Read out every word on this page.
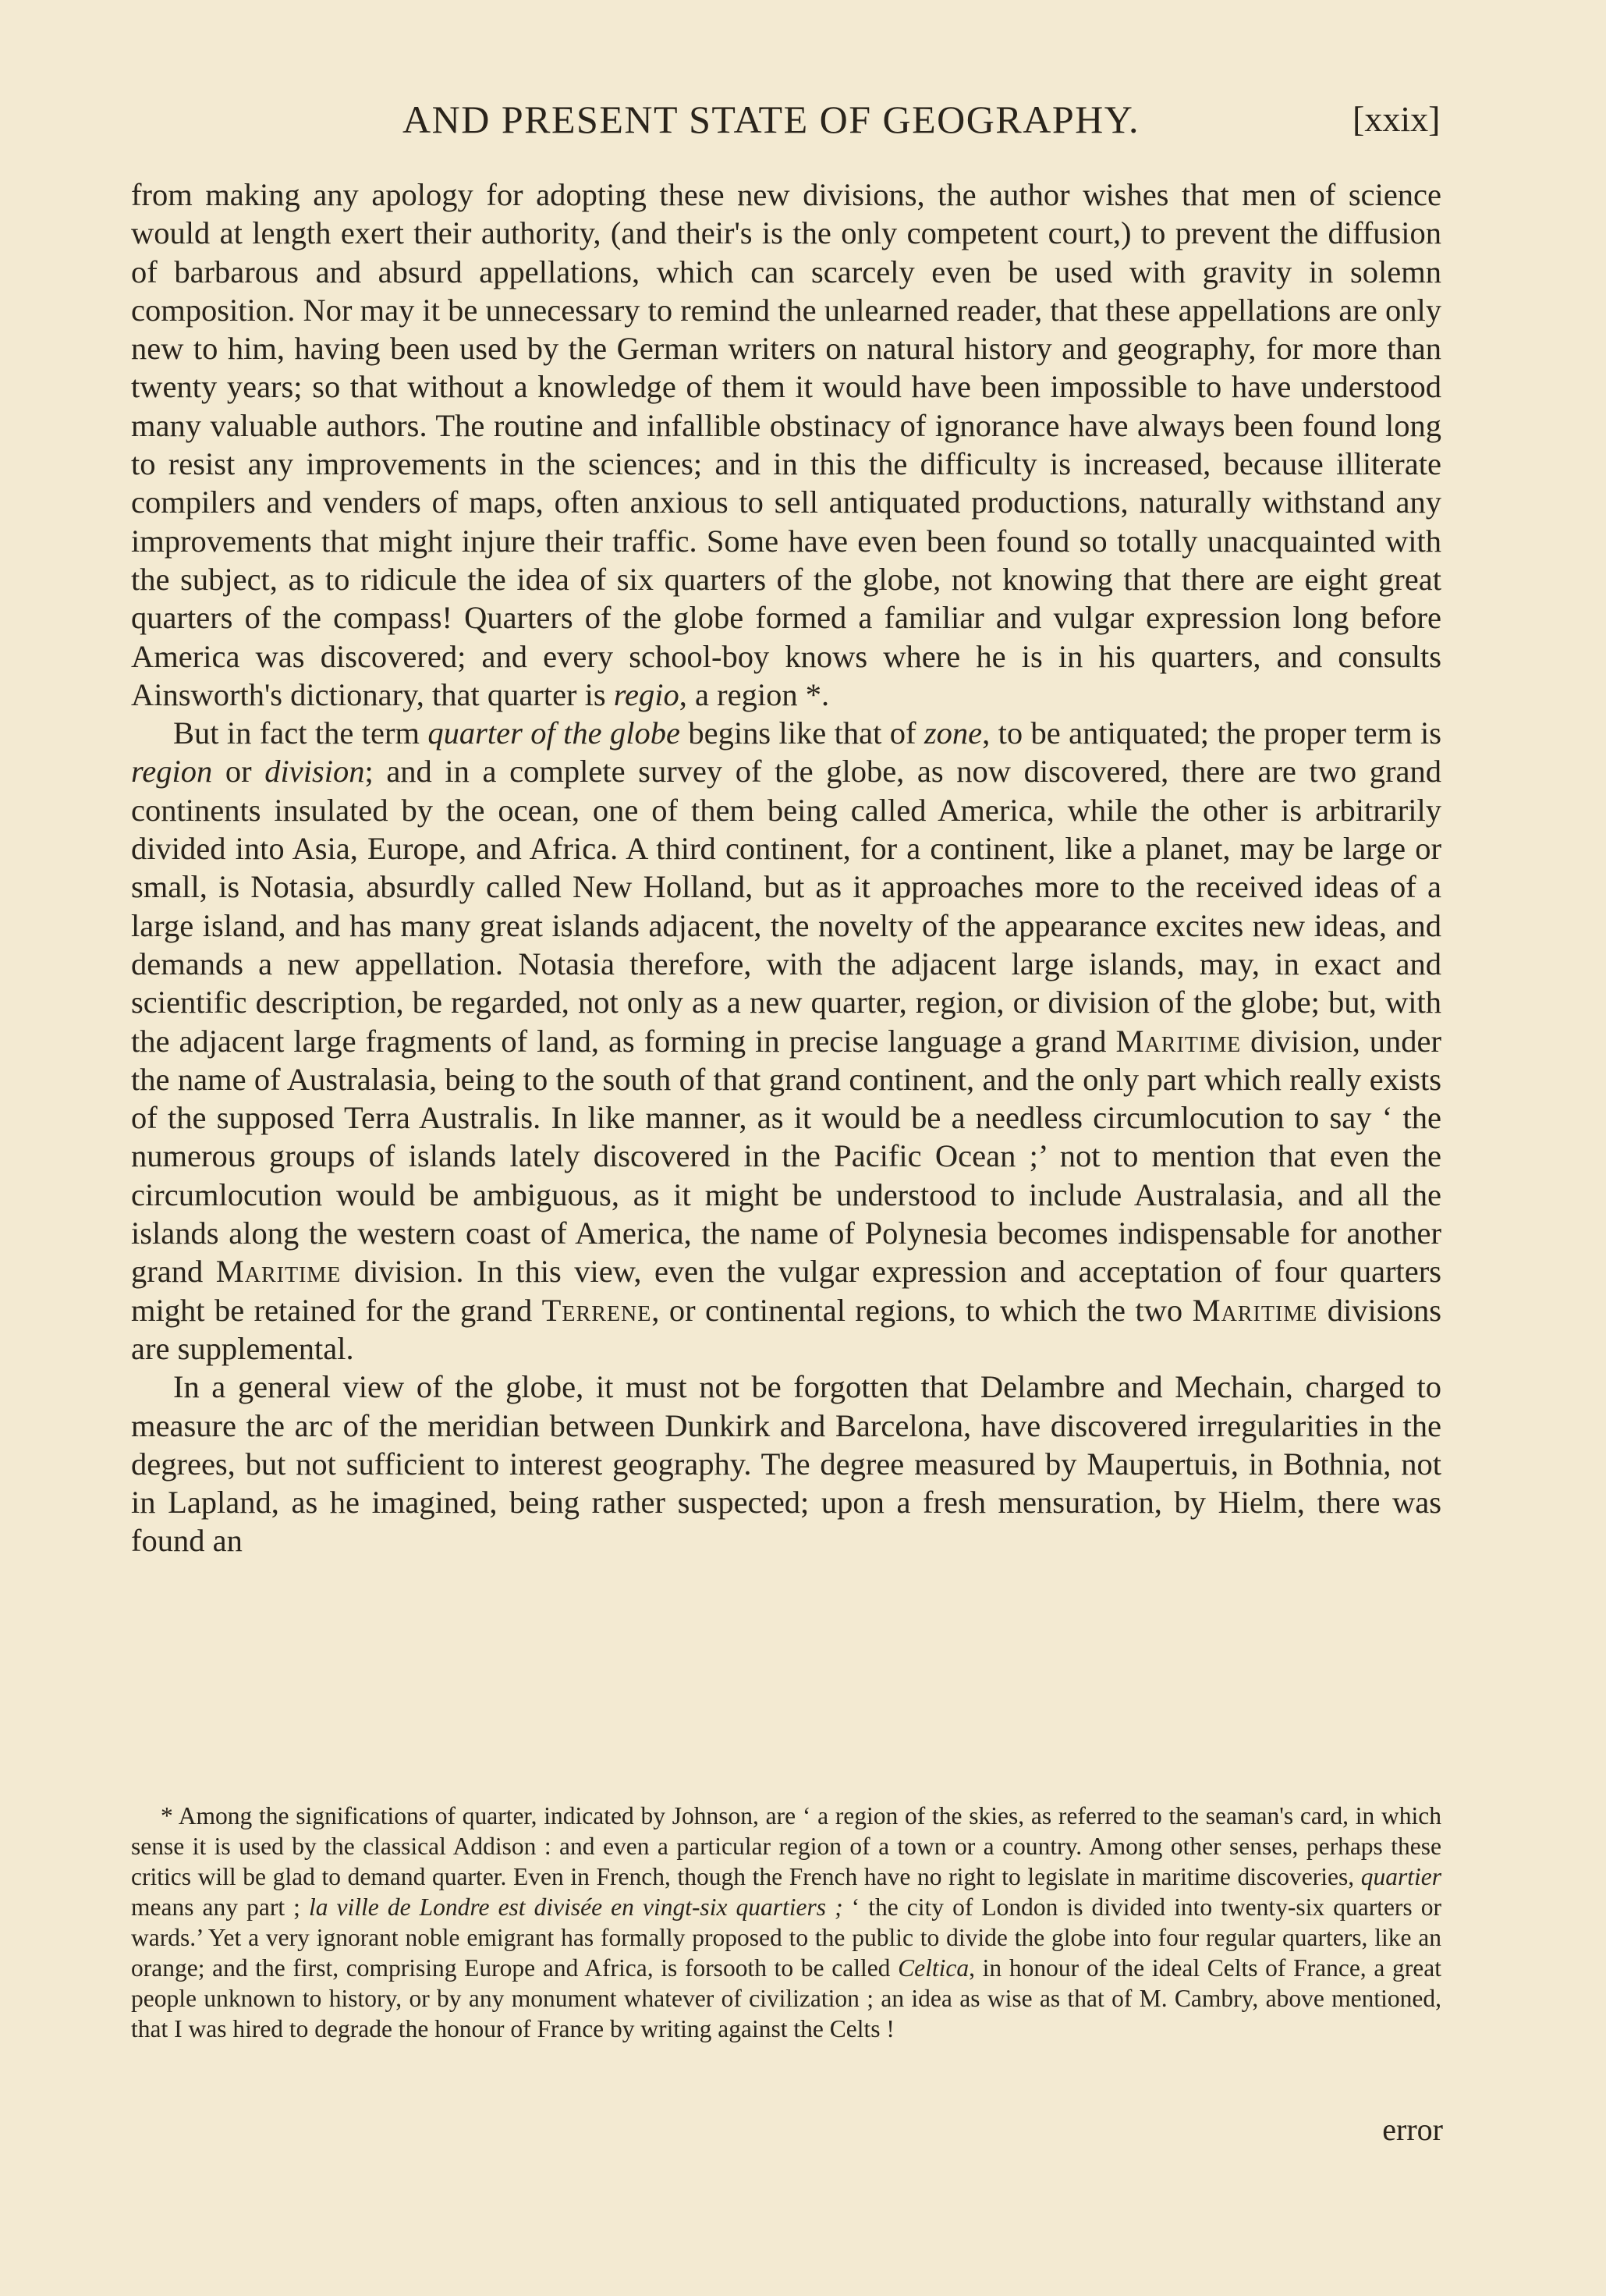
AND PRESENT STATE OF GEOGRAPHY.	[xxix]

from making any apology for adopting these new divisions, the author wishes that men of science would at length exert their authority, (and their's is the only competent court,) to prevent the diffusion of barbarous and absurd appellations, which can scarcely even be used with gravity in solemn composition. Nor may it be unnecessary to remind the unlearned reader, that these appellations are only new to him, having been used by the German writers on natural history and geography, for more than twenty years; so that without a knowledge of them it would have been impossible to have understood many valuable authors. The routine and infallible obstinacy of ignorance have always been found long to resist any improvements in the sciences; and in this the difficulty is increased, because illiterate compilers and venders of maps, often anxious to sell antiquated productions, naturally withstand any improvements that might injure their traffic. Some have even been found so totally unacquainted with the subject, as to ridicule the idea of six quarters of the globe, not knowing that there are eight great quarters of the compass! Quarters of the globe formed a familiar and vulgar expression long before America was discovered; and every school-boy knows where he is in his quarters, and consults Ainsworth's dictionary, that quarter is regio, a region *.

But in fact the term quarter of the globe begins like that of zone, to be antiquated; the proper term is region or division; and in a complete survey of the globe, as now discovered, there are two grand continents insulated by the ocean, one of them being called America, while the other is arbitrarily divided into Asia, Europe, and Africa. A third continent, for a continent, like a planet, may be large or small, is Notasia, absurdly called New Holland, but as it approaches more to the received ideas of a large island, and has many great islands adjacent, the novelty of the appearance excites new ideas, and demands a new appellation. Notasia therefore, with the adjacent large islands, may, in exact and scientific description, be regarded, not only as a new quarter, region, or division of the globe; but, with the adjacent large fragments of land, as forming in precise language a grand Maritime division, under the name of Australasia, being to the south of that grand continent, and the only part which really exists of the supposed Terra Australis. In like manner, as it would be a needless circumlocution to say ‘ the numerous groups of islands lately discovered in the Pacific Ocean ;’ not to mention that even the circumlocution would be ambiguous, as it might be understood to include Australasia, and all the islands along the western coast of America, the name of Polynesia becomes indispensable for another grand Maritime division. In this view, even the vulgar expression and acceptation of four quarters might be retained for the grand Terrene, or continental regions, to which the two Maritime divisions are supplemental.

In a general view of the globe, it must not be forgotten that Delambre and Mechain, charged to measure the arc of the meridian between Dunkirk and Barcelona, have discovered irregularities in the degrees, but not sufficient to interest geography. The degree measured by Maupertuis, in Bothnia, not in Lapland, as he imagined, being rather suspected; upon a fresh mensuration, by Hielm, there was found an

* Among the significations of quarter, indicated by Johnson, are ‘ a region of the skies, as referred to the seaman's card, in which sense it is used by the classical Addison : and even a particular region of a town or a country. Among other senses, perhaps these critics will be glad to demand quarter. Even in French, though the French have no right to legislate in maritime discoveries, quartier means any part ; la ville de Londre est divisée en vingt-six quartiers ; ‘ the city of London is divided into twenty-six quarters or wards.’ Yet a very ignorant noble emigrant has formally proposed to the public to divide the globe into four regular quarters, like an orange; and the first, comprising Europe and Africa, is forsooth to be called Celtica, in honour of the ideal Celts of France, a great people unknown to history, or by any monument whatever of civilization ; an idea as wise as that of M. Cambry, above mentioned, that I was hired to degrade the honour of France by writing against the Celts !

error
